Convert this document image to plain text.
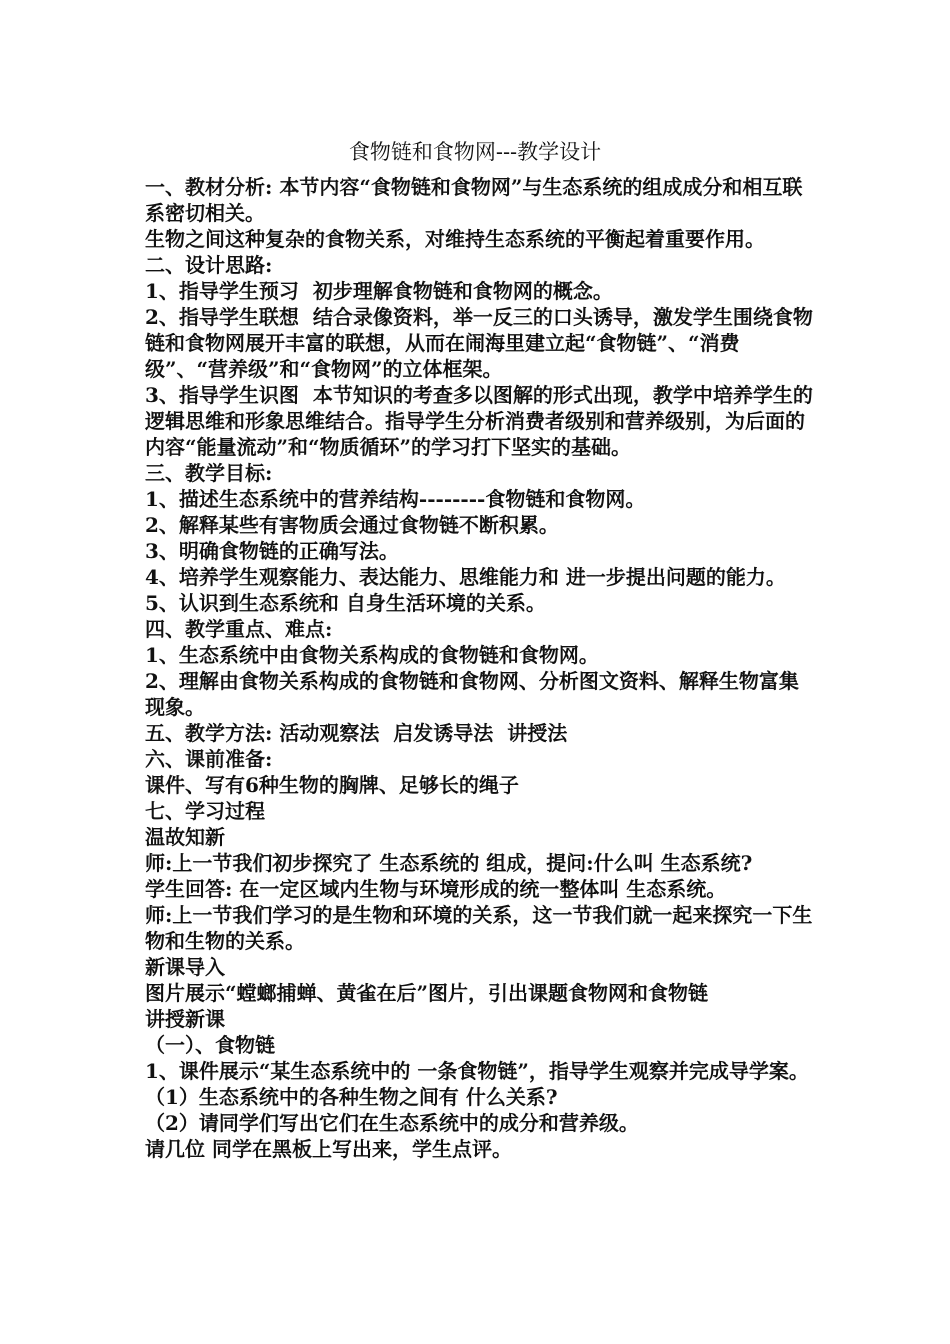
食物链和食物网---教学设计

一、教材分析: 本节内容“食物链和食物网”与生态系统的组成成分和相互联系密切相关。

生物之间这种复杂的食物关系，对维持生态系统的平衡起着重要作用。

二、设计思路:

1、指导学生预习  初步理解食物链和食物网的概念。

2、指导学生联想  结合录像资料，举一反三的口头诱导，激发学生围绕食物链和食物网展开丰富的联想，从而在闹海里建立起“食物链”、“消费级”、“营养级”和“食物网”的立体框架。

3、指导学生识图  本节知识的考查多以图解的形式出现，教学中培养学生的逻辑思维和形象思维结合。指导学生分析消费者级别和营养级别，为后面的内容“能量流动”和“物质循环”的学习打下坚实的基础。

三、教学目标:

1、描述生态系统中的营养结构--------食物链和食物网。

2、解释某些有害物质会通过食物链不断积累。

3、明确食物链的正确写法。

4、培养学生观察能力、表达能力、思维能力和 进一步提出问题的能力。

5、认识到生态系统和 自身生活环境的关系。

四、教学重点、难点:

1、生态系统中由食物关系构成的食物链和食物网。

2、理解由食物关系构成的食物链和食物网、分析图文资料、解释生物富集现象。

五、教学方法: 活动观察法  启发诱导法  讲授法

六、课前准备:

课件、写有6种生物的胸牌、足够长的绳子

七、学习过程

温故知新

师:上一节我们初步探究了 生态系统的 组成，提问:什么叫 生态系统?

学生回答: 在一定区域内生物与环境形成的统一整体叫 生态系统。

师:上一节我们学习的是生物和环境的关系，这一节我们就一起来探究一下生物和生物的关系。

新课导入

图片展示“螳螂捕蝉、黄雀在后”图片，引出课题食物网和食物链

讲授新课

（一）、食物链

1、课件展示“某生态系统中的 一条食物链”，指导学生观察并完成导学案。

（1）生态系统中的各种生物之间有 什么关系?

（2）请同学们写出它们在生态系统中的成分和营养级。

请几位 同学在黑板上写出来，学生点评。
